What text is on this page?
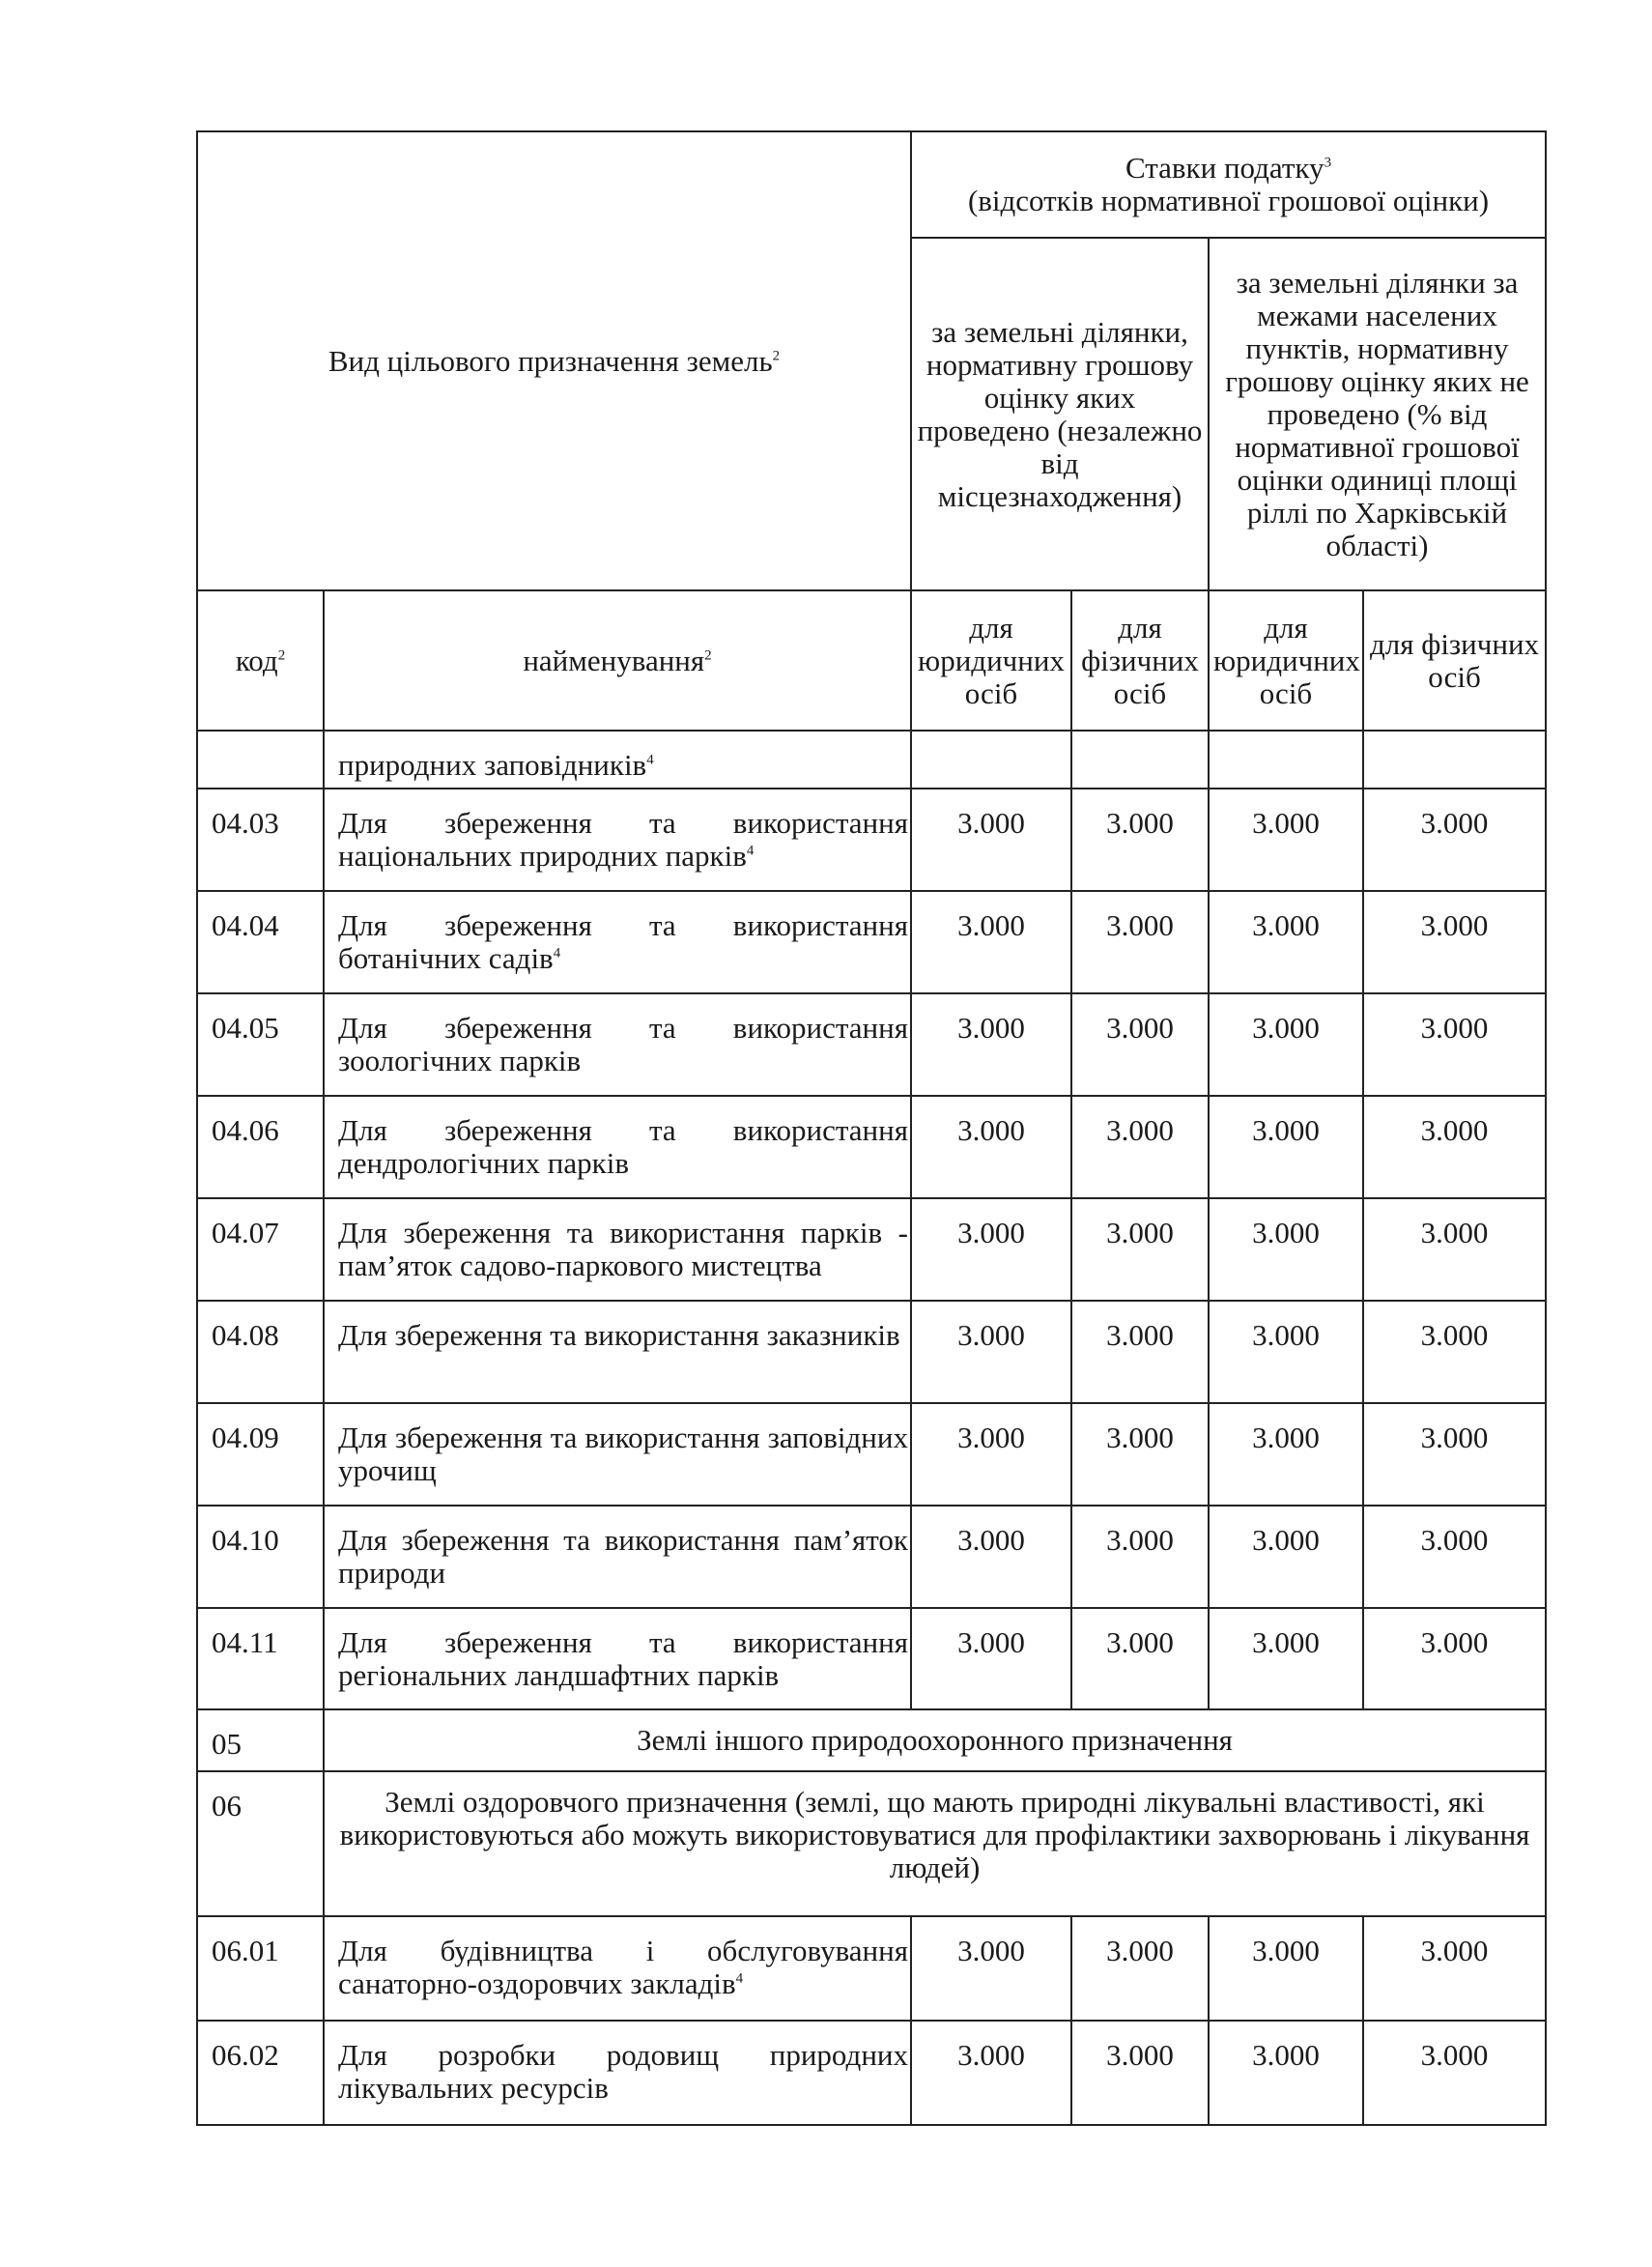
Вид цільового призначення земель$^2$		Ставки податку$^3$
(відсотків нормативної грошової оцінки)			
		за земельні ділянки, нормативну грошову оцінку яких проведено (незалежно від місцезнаходження)		за земельні ділянки за межами населених пунктів, нормативну грошову оцінку яких не проведено (% від нормативної грошової оцінки одиниці площі ріллі по Харківській області)	
код$^2$	найменування$^2$	для юридичних осіб	для фізичних осіб	для юридичних осіб	для фізичних осіб
	природних заповідників$^4$				
04.03	Для збереження та використання національних природних парків$^4$	3.000	3.000	3.000	3.000
04.04	Для збереження та використання ботанічних садів$^4$	3.000	3.000	3.000	3.000
04.05	Для збереження та використання зоологічних парків	3.000	3.000	3.000	3.000
04.06	Для збереження та використання дендрологічних парків	3.000	3.000	3.000	3.000
04.07	Для збереження та використання парків - пам’яток садово-паркового мистецтва	3.000	3.000	3.000	3.000
04.08	Для збереження та використання заказників	3.000	3.000	3.000	3.000
04.09	Для збереження та використання заповідних урочищ	3.000	3.000	3.000	3.000
04.10	Для збереження та використання пам’яток природи	3.000	3.000	3.000	3.000
04.11	Для збереження та використання регіональних ландшафтних парків	3.000	3.000	3.000	3.000
05	Землі іншого природоохоронного призначення				
06	Землі оздоровчого призначення (землі, що мають природні лікувальні властивості, які використовуються або можуть використовуватися для профілактики захворювань і лікування людей)				
06.01	Для будівництва і обслуговування санаторно-оздоровчих закладів$^4$	3.000	3.000	3.000	3.000
06.02	Для розробки родовищ природних лікувальних ресурсів	3.000	3.000	3.000	3.000
